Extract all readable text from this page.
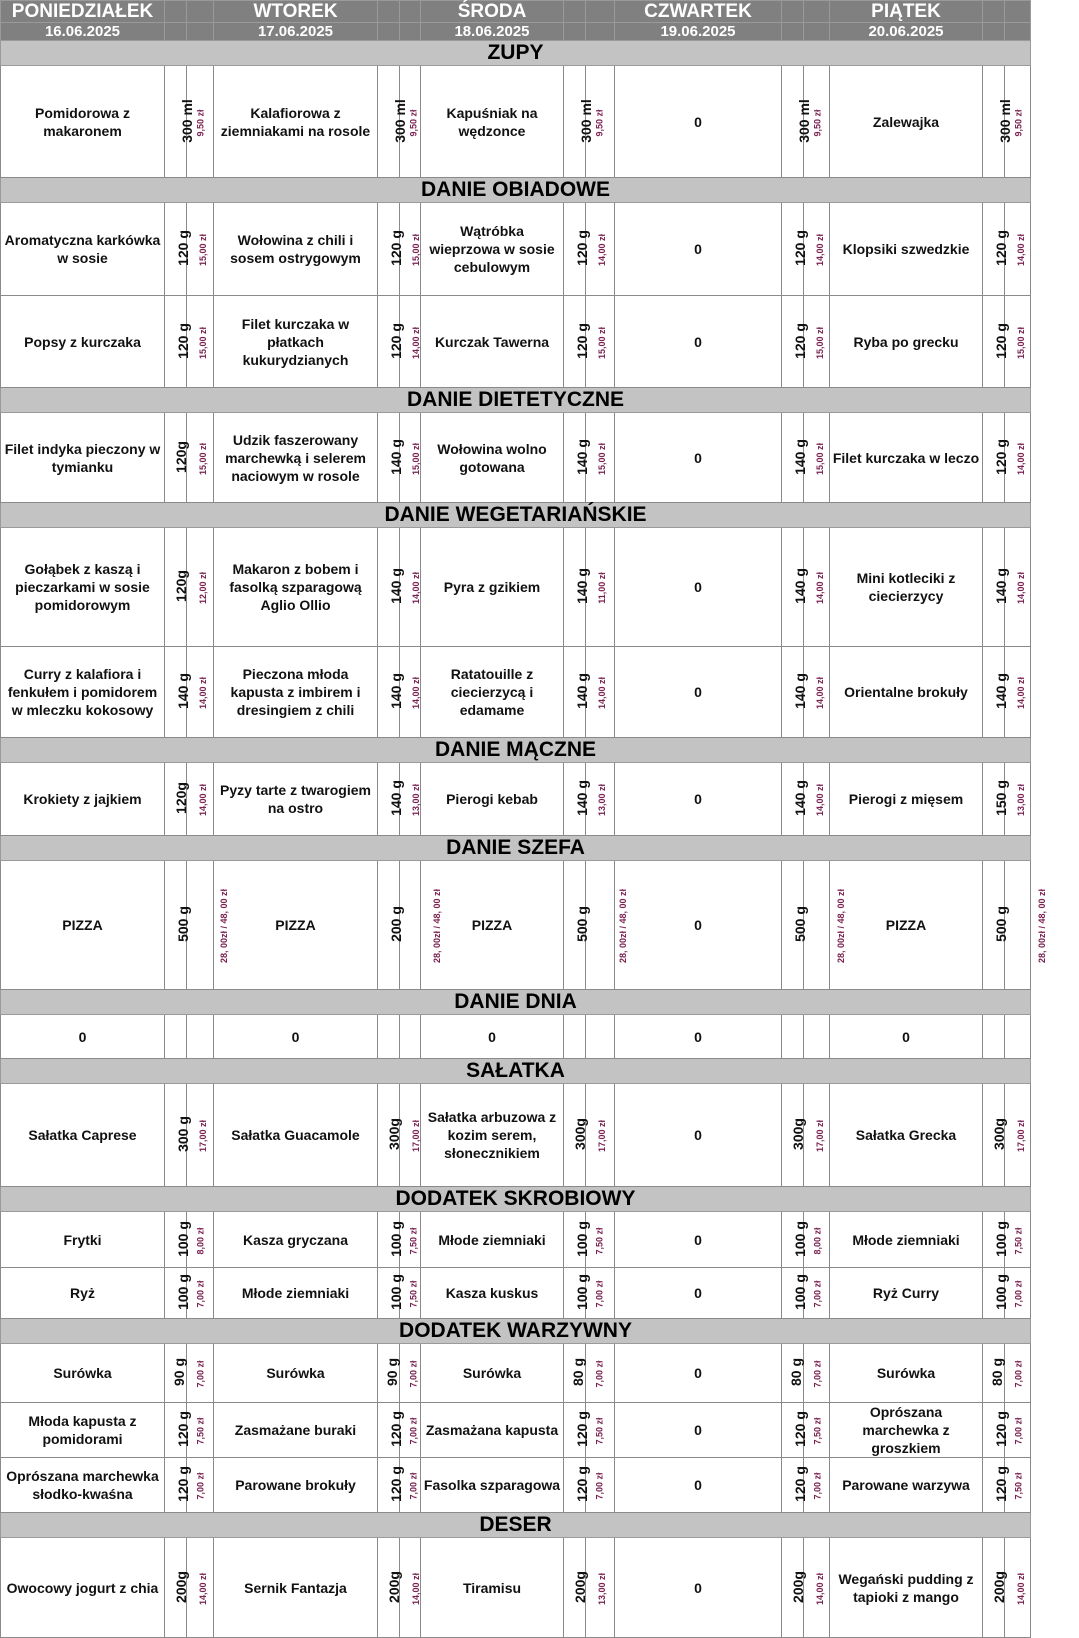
PONIEDZIAŁEK			WTOREK			ŚRODA			CZWARTEK			PIĄTEK		
16.06.2025			17.06.2025			18.06.2025			19.06.2025			20.06.2025		
ZUPY														
Pomidorowa z makaronem	300 ml	9,50 zł	Kalafiorowa z ziemniakami na rosole	300 ml	9,50 zł	Kapuśniak na wędzonce	300 ml	9,50 zł	0	300 ml	9,50 zł	Zalewajka	300 ml	9,50 zł
DANIE OBIADOWE														
Aromatyczna karkówka w sosie	120 g	15,00 zł	Wołowina z chili i sosem ostrygowym	120 g	15,00 zł	Wątróbka wieprzowa w sosie cebulowym	120 g	14,00 zł	0	120 g	14,00 zł	Klopsiki szwedzkie	120 g	14,00 zł
Popsy z kurczaka	120 g	15,00 zł	Filet kurczaka w płatkach kukurydzianych	120 g	14,00 zł	Kurczak Tawerna	120 g	15,00 zł	0	120 g	15,00 zł	Ryba po grecku	120 g	15,00 zł
DANIE DIETETYCZNE														
Filet indyka pieczony w tymianku	120g	15,00 zł	Udzik faszerowany marchewką i selerem naciowym w rosole	140 g	15,00 zł	Wołowina wolno gotowana	140 g	15,00 zł	0	140 g	15,00 zł	Filet kurczaka w leczo	120 g	14,00 zł
DANIE WEGETARIAŃSKIE														
Gołąbek z kaszą i pieczarkami w sosie pomidorowym	120g	12,00 zł	Makaron z bobem i fasolką szparagową Aglio Ollio	140 g	14,00 zł	Pyra z gzikiem	140 g	11,00 zł	0	140 g	14,00 zł	Mini kotleciki z ciecierzycy	140 g	14,00 zł
Curry z kalafiora i fenkułem i pomidorem w mleczku kokosowy	140 g	14,00 zł	Pieczona młoda kapusta z imbirem i dresingiem z chili	140 g	14,00 zł	Ratatouille z ciecierzycą i edamame	140 g	14,00 zł	0	140 g	14,00 zł	Orientalne brokuły	140 g	14,00 zł
DANIE MĄCZNE														
Krokiety z jajkiem	120g	14,00 zł	Pyzy tarte z twarogiem na ostro	140 g	13,00 zł	Pierogi kebab	140 g	13,00 zł	0	140 g	14,00 zł	Pierogi z mięsem	150 g	13,00 zł
DANIE SZEFA														
PIZZA	500 g	28, 00zł / 48, 00 zł	PIZZA	200 g	28, 00zł / 48, 00 zł	PIZZA	500 g	28, 00zł / 48, 00 zł	0	500 g	28, 00zł / 48, 00 zł	PIZZA	500 g	28, 00zł / 48, 00 zł
DANIE DNIA														
0			0			0			0			0		
SAŁATKA														
Sałatka Caprese	300 g	17,00 zł	Sałatka Guacamole	300g	17,00 zł	Sałatka arbuzowa z kozim serem, słonecznikiem	300g	17,00 zł	0	300g	17,00 zł	Sałatka Grecka	300g	17,00 zł
DODATEK SKROBIOWY														
Frytki	100 g	8,00 zł	Kasza gryczana	100 g	7,50 zł	Młode ziemniaki	100 g	7,50 zł	0	100 g	8,00 zł	Młode ziemniaki	100 g	7,50 zł
Ryż	100 g	7,00 zł	Młode ziemniaki	100 g	7,50 zł	Kasza kuskus	100 g	7,00 zł	0	100 g	7,00 zł	Ryż Curry	100 g	7,00 zł
DODATEK WARZYWNY														
Surówka	90 g	7,00 zł	Surówka	90 g	7,00 zł	Surówka	80 g	7,00 zł	0	80 g	7,00 zł	Surówka	80 g	7,00 zł
Młoda kapusta z pomidorami	120 g	7,50 zł	Zasmażane buraki	120 g	7,00 zł	Zasmażana kapusta	120 g	7,50 zł	0	120 g	7,50 zł	Oprószana marchewka z groszkiem	120 g	7,00 zł
Oprószana marchewka słodko-kwaśna	120 g	7,00 zł	Parowane brokuły	120 g	7,00 zł	Fasolka szparagowa	120 g	7,00 zł	0	120 g	7,00 zł	Parowane warzywa	120 g	7,50 zł
DESER														
Owocowy jogurt z chia	200g	14,00 zł	Sernik Fantazja	200g	14,00 zł	Tiramisu	200g	13,00 zł	0	200g	14,00 zł	Wegański pudding z tapioki z mango	200g	14,00 zł
